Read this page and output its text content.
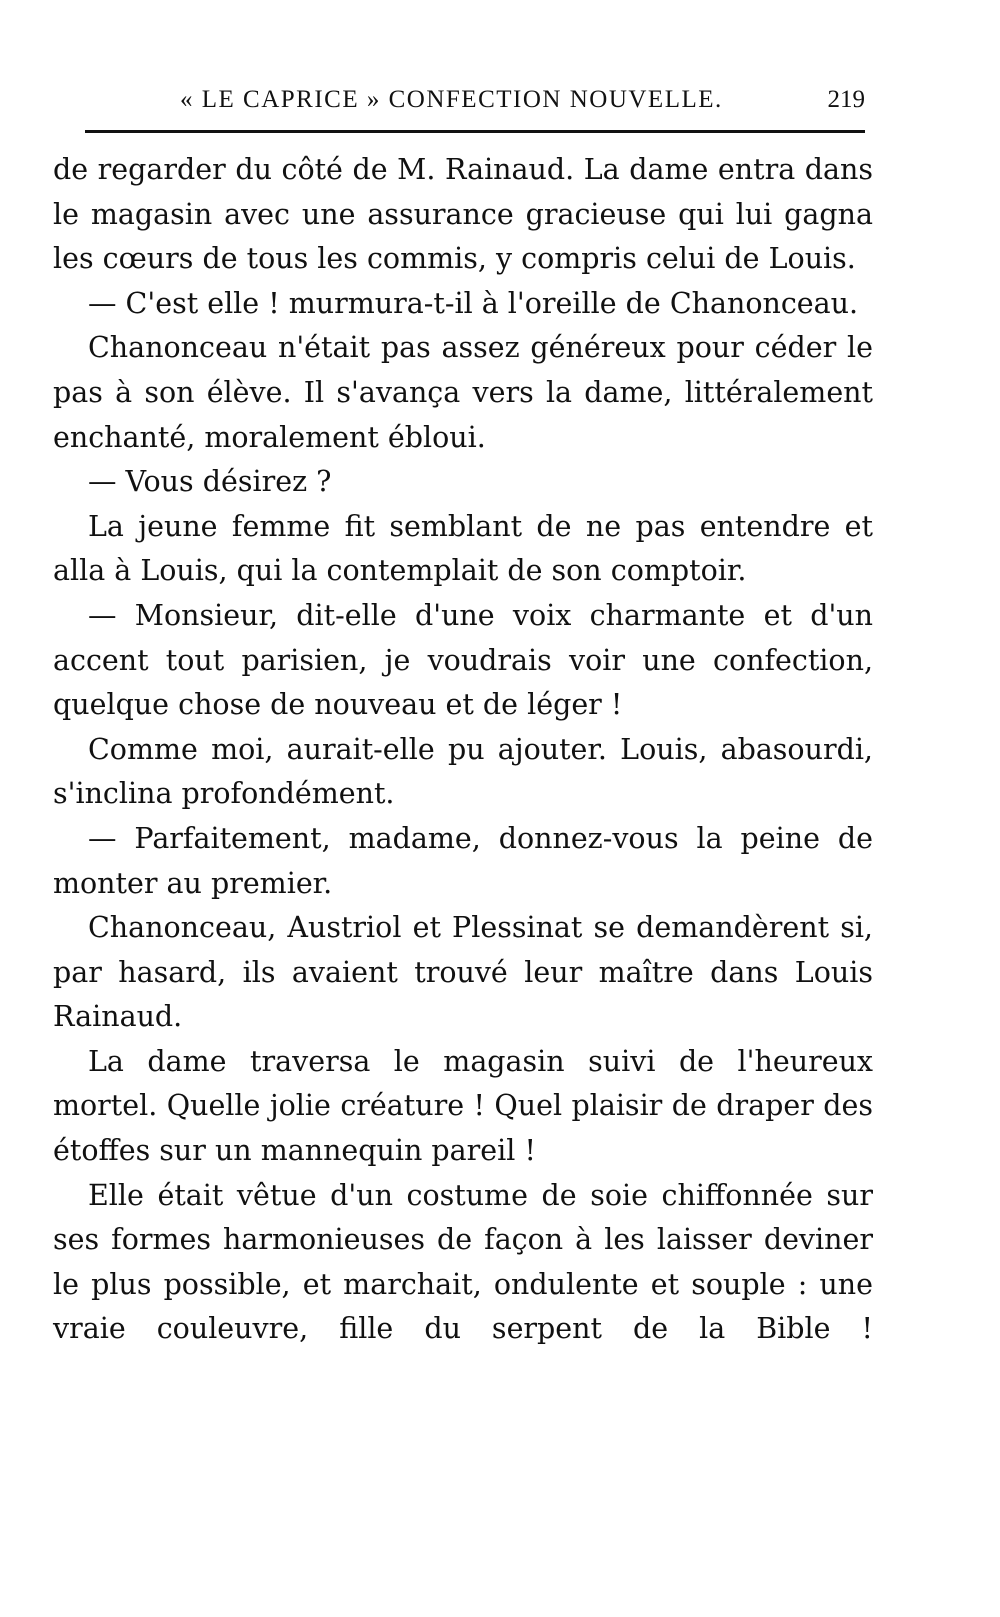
« LE CAPRICE » CONFECTION NOUVELLE.	219

de regarder du côté de M. Rainaud. La dame entra dans le magasin avec une assurance gracieuse qui lui gagna les cœurs de tous les commis, y compris celui de Louis.

— C'est elle ! murmura-t-il à l'oreille de Chanonceau.

Chanonceau n'était pas assez généreux pour céder le pas à son élève. Il s'avança vers la dame, littéralement enchanté, moralement ébloui.

— Vous désirez ?

La jeune femme fit semblant de ne pas entendre et alla à Louis, qui la contemplait de son comptoir.

— Monsieur, dit-elle d'une voix charmante et d'un accent tout parisien, je voudrais voir une confection, quelque chose de nouveau et de léger !

Comme moi, aurait-elle pu ajouter. Louis, abasourdi, s'inclina profondément.

— Parfaitement, madame, donnez-vous la peine de monter au premier.

Chanonceau, Austriol et Plessinat se demandèrent si, par hasard, ils avaient trouvé leur maître dans Louis Rainaud.

La dame traversa le magasin suivi de l'heureux mortel. Quelle jolie créature ! Quel plaisir de draper des étoffes sur un mannequin pareil !

Elle était vêtue d'un costume de soie chiffonnée sur ses formes harmonieuses de façon à les laisser deviner le plus possible, et marchait, ondulente et souple : une vraie couleuvre, fille du serpent de la Bible !
